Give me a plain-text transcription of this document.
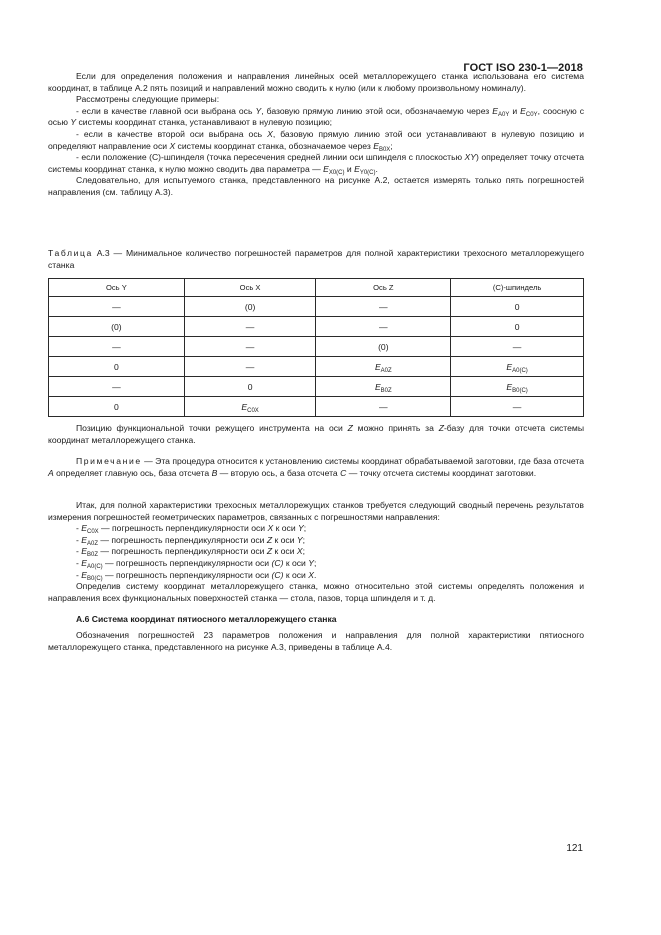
ГОСТ ISO 230-1—2018

Если для определения положения и направления линейных осей металлорежущего станка использована его система координат, в таблице А.2 пять позиций и направлений можно сводить к нулю (или к любому произвольному номиналу).

Рассмотрены следующие примеры:

- если в качестве главной оси выбрана ось Y, базовую прямую линию этой оси, обозначаемую через $E_{A0Y}$ и $E_{C0Y}$, соосную с осью Y системы координат станка, устанавливают в нулевую позицию;

- если в качестве второй оси выбрана ось X, базовую прямую линию этой оси устанавливают в нулевую позицию и определяют направление оси X системы координат станка, обозначаемое через $E_{B0X}$;

- если положение (С)-шпинделя (точка пересечения средней линии оси шпинделя с плоскостью XY) определяет точку отсчета системы координат станка, к нулю можно сводить два параметра — $E_{X0(C)}$ и $E_{Y0(C)}$.

Следовательно, для испытуемого станка, представленного на рисунке А.2, остается измерять только пять погрешностей направления (см. таблицу А.3).

Таблица А.3 — Минимальное количество погрешностей параметров для полной характеристики трехосного металлорежущего станка
Ось Y	Ось X	Ось Z	(С)-шпиндель
—	(0)	—	0
(0)	—	—	0
—	—	(0)	—
0	—	$E_{A0Z}$	$E_{A0(C)}$
—	0	$E_{B0Z}$	$E_{B0(C)}$
0	$E_{C0X}$	—	—

Позицию функциональной точки режущего инструмента на оси Z можно принять за Z-базу для точки отсчета системы координат металлорежущего станка.

Примечание — Эта процедура относится к установлению системы координат обрабатываемой заготовки, где база отсчета A определяет главную ось, база отсчета B — вторую ось, а база отсчета C — точку отсчета системы координат заготовки.

Итак, для полной характеристики трехосных металлорежущих станков требуется следующий сводный перечень результатов измерения погрешностей геометрических параметров, связанных с погрешностями направления:

- $E_{C0X}$ — погрешность перпендикулярности оси X к оси Y;

- $E_{A0Z}$ — погрешность перпендикулярности оси Z к оси Y;

- $E_{B0Z}$ — погрешность перпендикулярности оси Z к оси X;

- $E_{A0(C)}$ — погрешность перпендикулярности оси (С) к оси Y;

- $E_{B0(C)}$ — погрешность перпендикулярности оси (С) к оси X.

Определив систему координат металлорежущего станка, можно относительно этой системы определять положения и направления всех функциональных поверхностей станка — стола, пазов, торца шпинделя и т. д.

А.6 Система координат пятиосного металлорежущего станка

Обозначения погрешностей 23 параметров положения и направления для полной характеристики пятиосного металлорежущего станка, представленного на рисунке А.3, приведены в таблице А.4.

121
